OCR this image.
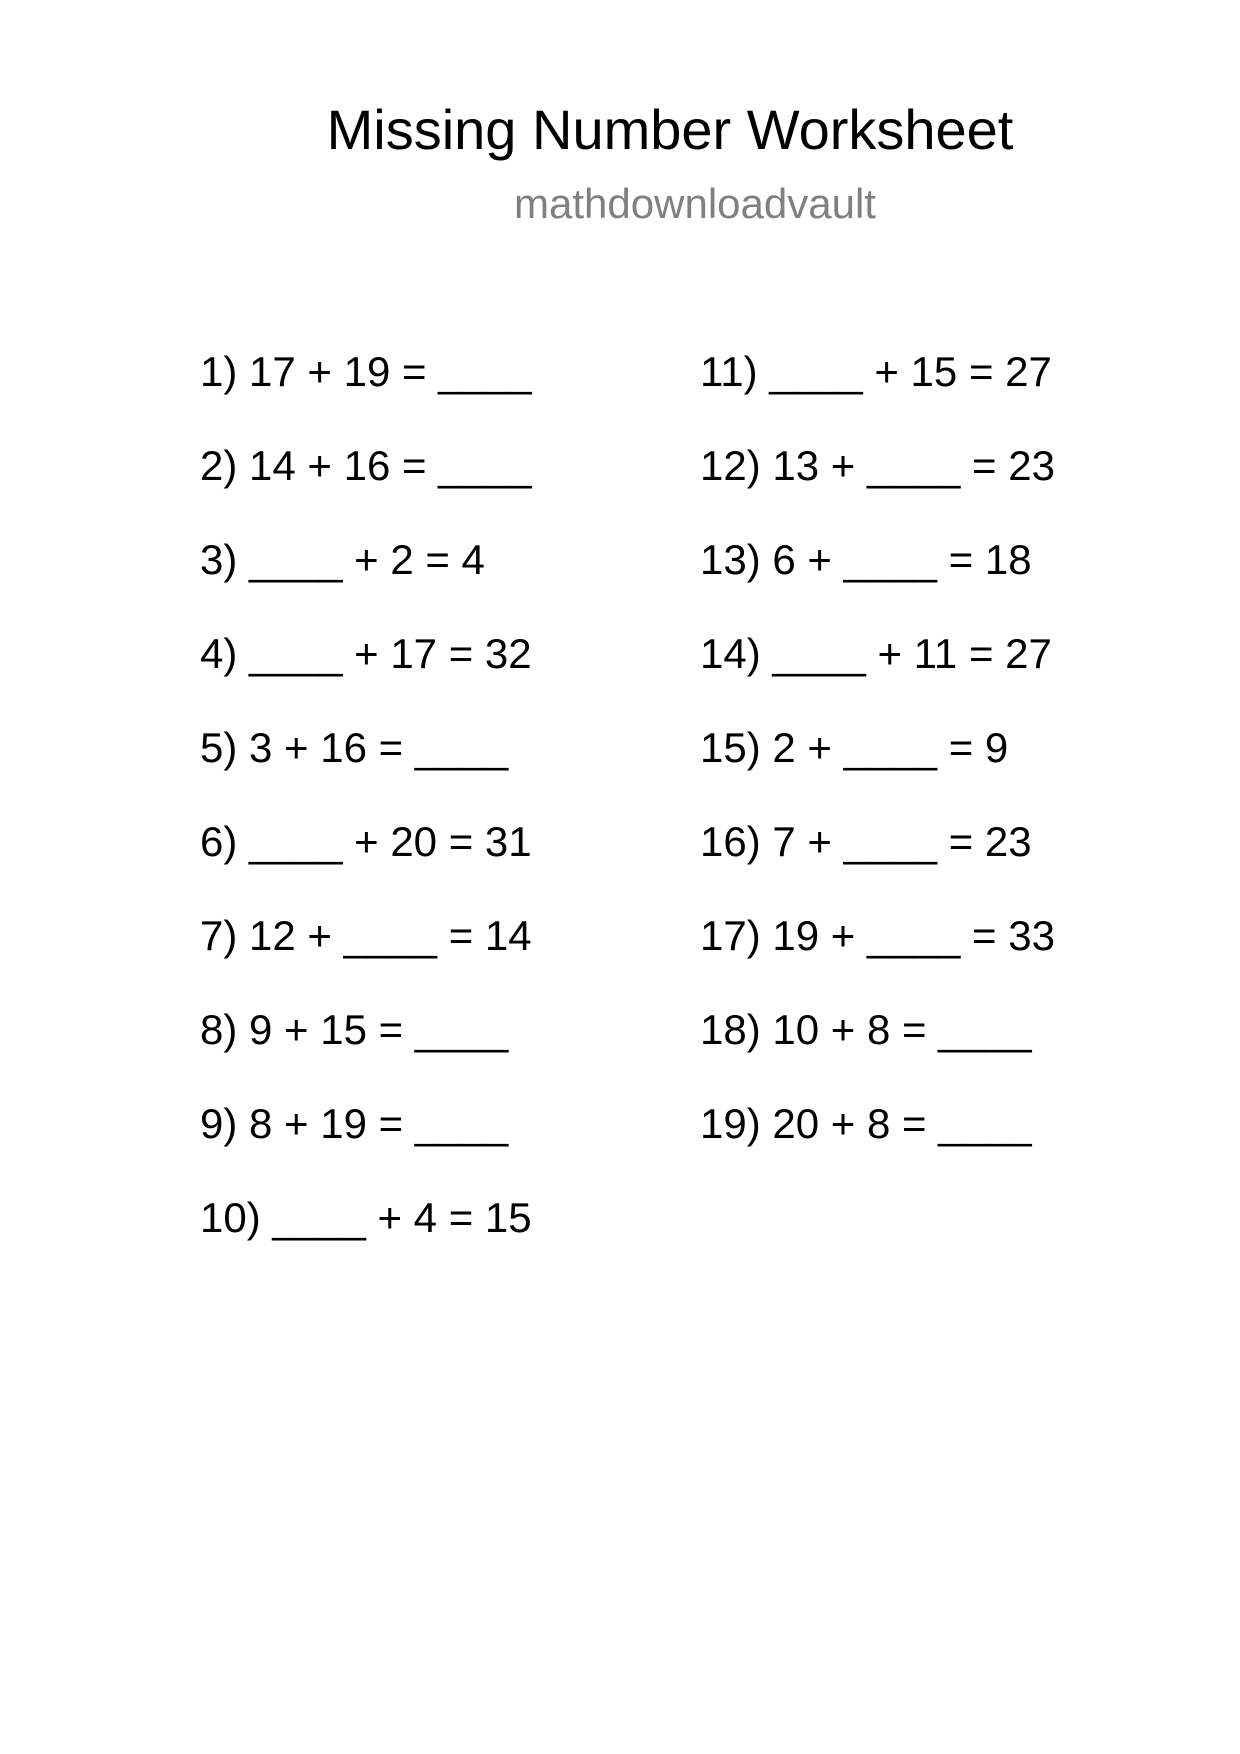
Missing Number Worksheet
mathdownloadvault
1) 17 + 19 = ____
2) 14 + 16 = ____
3) ____ + 2 = 4
4) ____ + 17 = 32
5) 3 + 16 = ____
6) ____ + 20 = 31
7) 12 + ____ = 14
8) 9 + 15 = ____
9) 8 + 19 = ____
10) ____ + 4 = 15
11) ____ + 15 = 27
12) 13 + ____ = 23
13) 6 + ____ = 18
14) ____ + 11 = 27
15) 2 + ____ = 9
16) 7 + ____ = 23
17) 19 + ____ = 33
18) 10 + 8 = ____
19) 20 + 8 = ____
